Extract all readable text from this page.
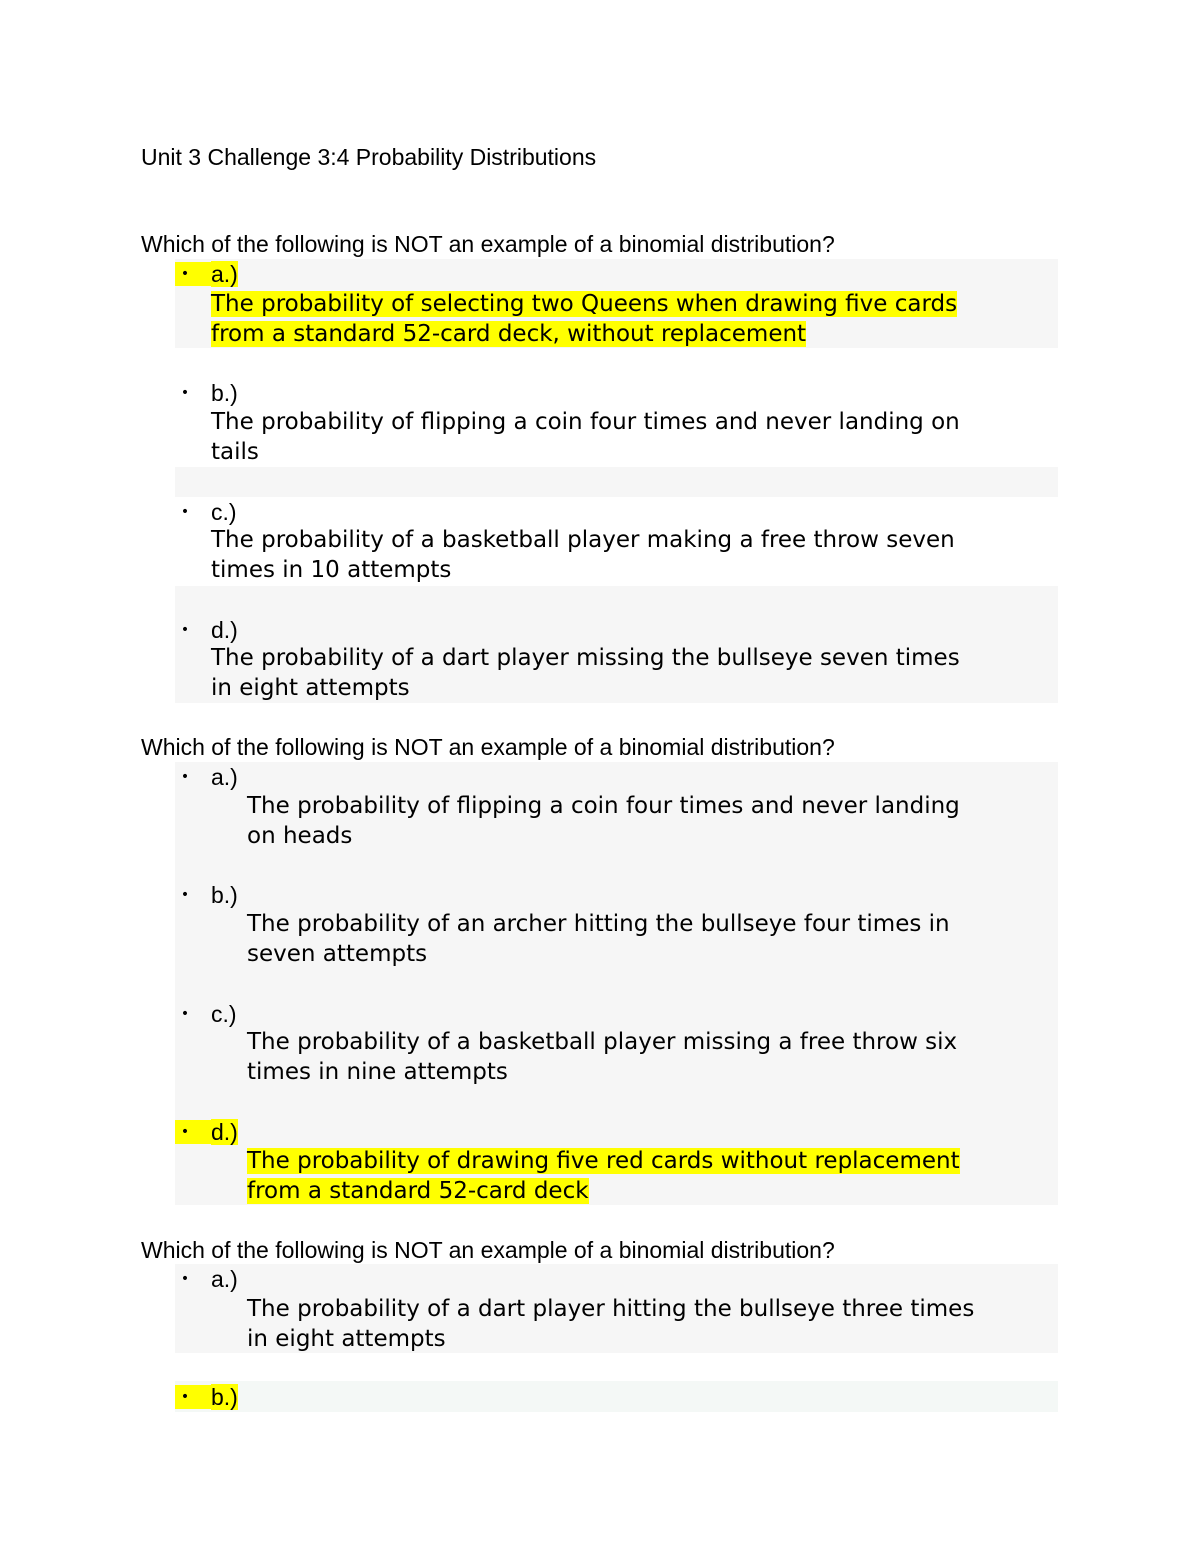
Unit 3 Challenge 3:4 Probability Distributions
Which of the following is NOT an example of a binomial distribution?
• a.)
The probability of selecting two Queens when drawing five cards
from a standard 52-card deck, without replacement
• b.)
The probability of flipping a coin four times and never landing on
tails
• c.)
The probability of a basketball player making a free throw seven
times in 10 attempts
• d.)
The probability of a dart player missing the bullseye seven times
in eight attempts
Which of the following is NOT an example of a binomial distribution?
• a.)
The probability of flipping a coin four times and never landing
on heads
• b.)
The probability of an archer hitting the bullseye four times in
seven attempts
• c.)
The probability of a basketball player missing a free throw six
times in nine attempts
• d.)
The probability of drawing five red cards without replacement
from a standard 52-card deck
Which of the following is NOT an example of a binomial distribution?
• a.)
The probability of a dart player hitting the bullseye three times
in eight attempts
• b.)
